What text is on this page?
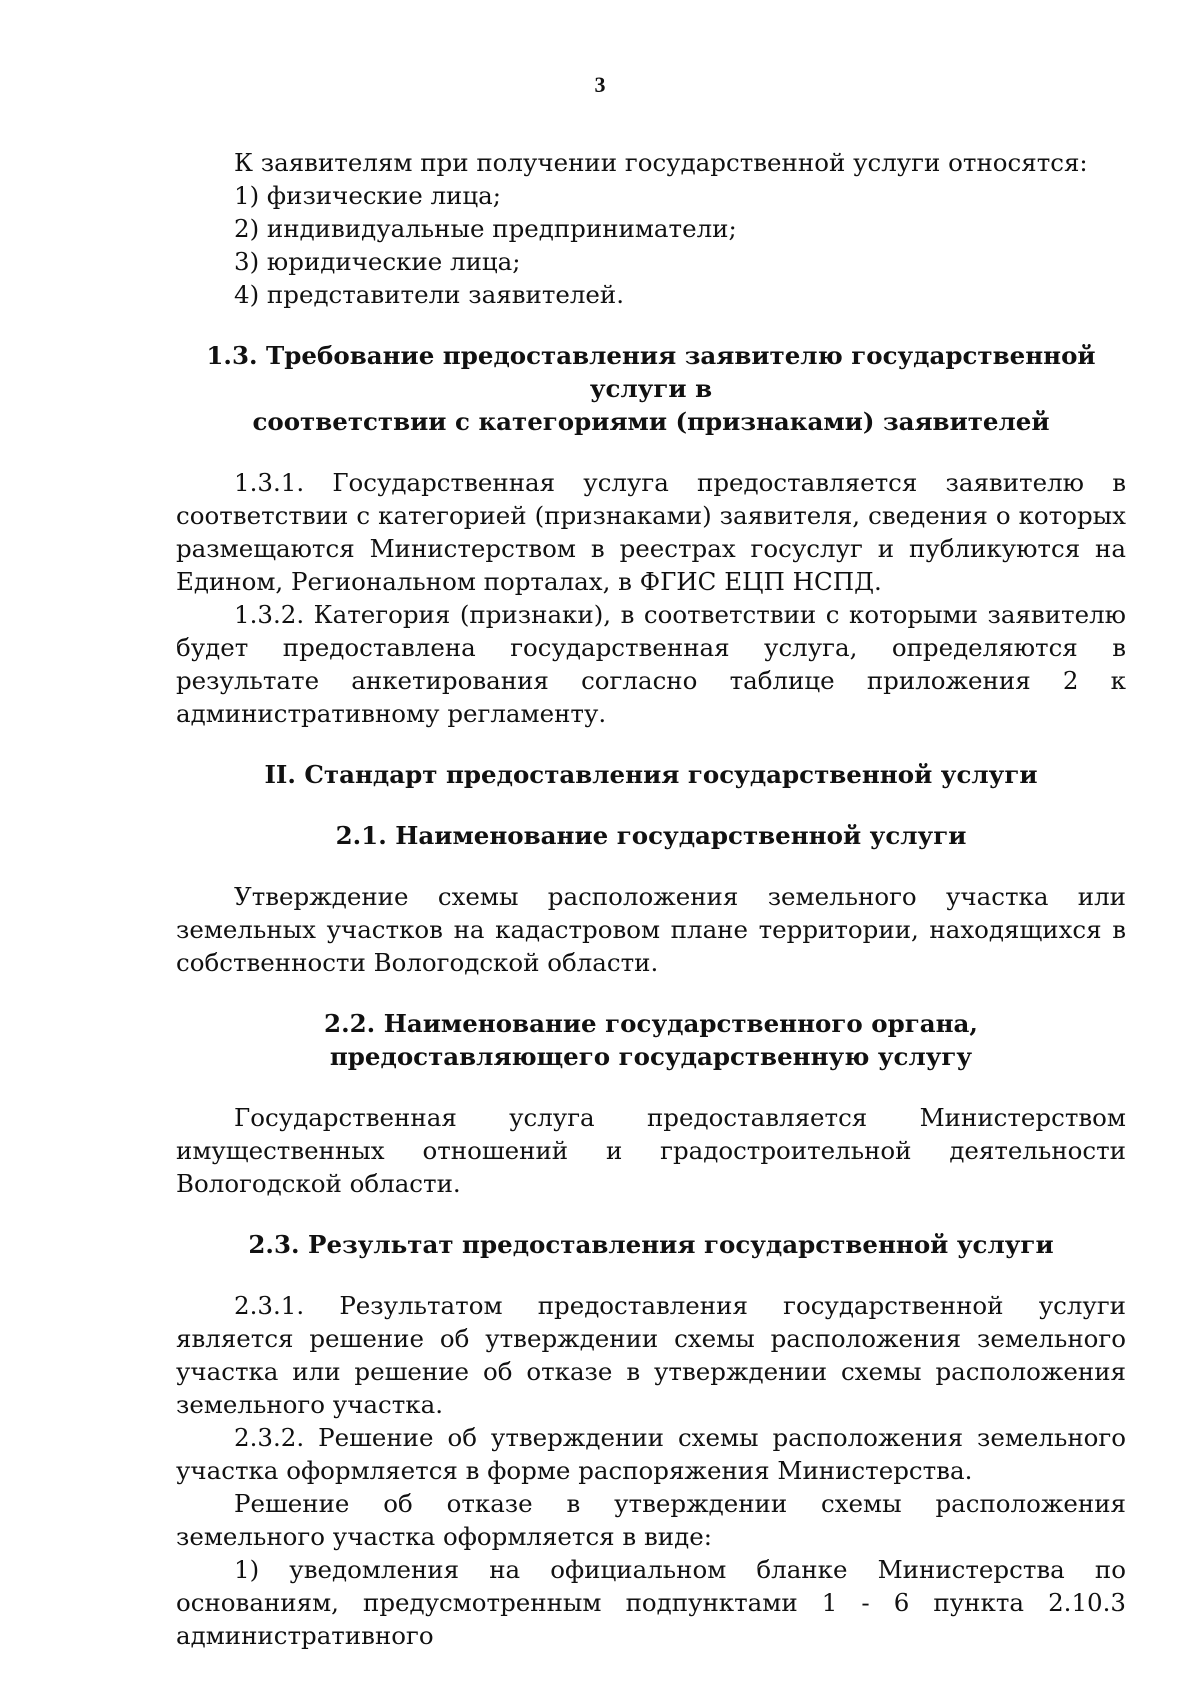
3

К заявителям при получении государственной услуги относятся:

1) физические лица;

2) индивидуальные предприниматели;

3) юридические лица;

4) представители заявителей.

1.3. Требование предоставления заявителю государственной услуги в

соответствии с категориями (признаками) заявителей

1.3.1. Государственная услуга предоставляется заявителю в соответствии с категорией (признаками) заявителя, сведения о которых размещаются Министерством в реестрах госуслуг и публикуются на Едином, Региональном порталах, в ФГИС ЕЦП НСПД.

1.3.2. Категория (признаки), в соответствии с которыми заявителю будет предоставлена государственная услуга, определяются в результате анкетирования согласно таблице приложения 2 к административному регламенту.

II. Стандарт предоставления государственной услуги

2.1. Наименование государственной услуги

Утверждение схемы расположения земельного участка или земельных участков на кадастровом плане территории, находящихся в собственности Вологодской области.

2.2. Наименование государственного органа,

предоставляющего государственную услугу

Государственная услуга предоставляется Министерством имущественных отношений и градостроительной деятельности Вологодской области.

2.3. Результат предоставления государственной услуги

2.3.1. Результатом предоставления государственной услуги является решение об утверждении схемы расположения земельного участка или решение об отказе в утверждении схемы расположения земельного участка.

2.3.2. Решение об утверждении схемы расположения земельного участка оформляется в форме распоряжения Министерства.

Решение об отказе в утверждении схемы расположения земельного участка оформляется в виде:

1) уведомления на официальном бланке Министерства по основаниям, предусмотренным подпунктами 1 - 6 пункта 2.10.3 административного
